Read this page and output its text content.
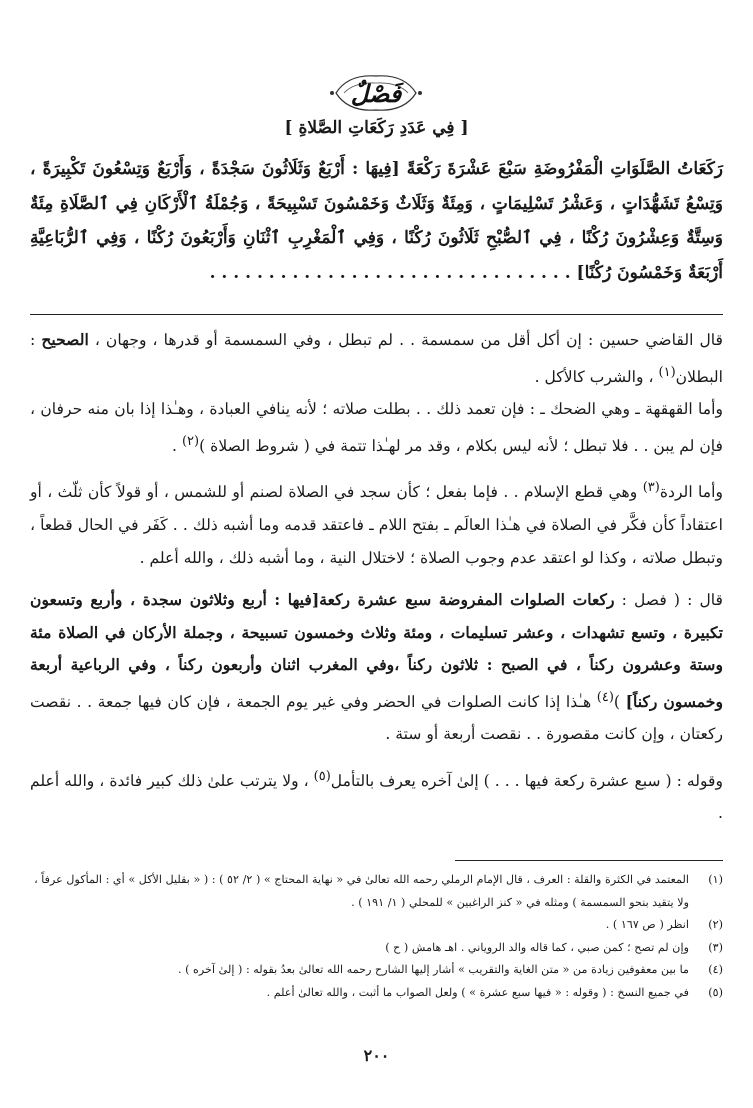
فَصْلٌ
[ فِي عَدَدِ رَكَعَاتِ الصَّلاةِ ]

رَكَعَاتُ الصَّلَوَاتِ الْمَفْرُوضَةِ سَبْعَ عَشْرَةَ رَكْعَةً [فِيهَا : أَرْبَعٌ وَثَلَاثُونَ سَجْدَةً ، وَأَرْبَعٌ وَتِسْعُونَ تَكْبِيرَةً ، وَتِسْعُ تَشَهُّدَاتٍ ، وَعَشْرُ تَسْلِيمَاتٍ ، وَمِئَةٌ وَثَلَاثٌ وَخَمْسُونَ تَسْبِيحَةً ، وَجُمْلَةُ ٱلْأَرْكَانِ فِي ٱلصَّلَاةِ مِئَةٌ وَسِتَّةٌ وَعِشْرُونَ رُكْنًا ، فِي ٱلصُّبْحِ ثَلَاثُونَ رُكْنًا ، وَفِي ٱلْمَغْرِبِ ٱثْنَانِ وَأَرْبَعُونَ رُكْنًا ، وَفِي ٱلرُّبَاعِيَّةِ أَرْبَعَةٌ وَخَمْسُونَ رُكْنًا] . . . . . . . . . . . . . . . . . . . . . . . . . . . . . . .

قال القاضي حسين : إن أكل أقل من سمسمة . . لم تبطل ، وفي السمسمة أو قدرها ، وجهان ، الصحيح : البطلان$^{(١)}$ ، والشرب كالأكل .

وأما القهقهة ـ وهي الضحك ـ : فإن تعمد ذلك . . بطلت صلاته ؛ لأنه ينافي العبادة ، وهـٰذا إذا بان منه حرفان ، فإن لم يبن . . فلا تبطل ؛ لأنه ليس بكلام ، وقد مر لهـٰذا تتمة في ( شروط الصلاة )$^{(٢)}$ .

وأما الردة$^{(٣)}$ وهي قطع الإسلام . . فإما بفعل ؛ كأن سجد في الصلاة لصنم أو للشمس ، أو قولاً كأن ثلّث ، أو اعتقاداً كأن فكَّر في الصلاة في هـٰذا العالَم ـ بفتح اللام ـ فاعتقد قدمه وما أشبه ذلك . . كَفَر في الحال قطعاً ، وتبطل صلاته ، وكذا لو اعتقد عدم وجوب الصلاة ؛ لاختلال النية ، وما أشبه ذلك ، والله أعلم .

قال : ( فصل : ركعات الصلوات المفروضة سبع عشرة ركعة[فيها : أربع وثلاثون سجدة ، وأربع وتسعون تكبيرة ، وتسع تشهدات ، وعشر تسليمات ، ومئة وثلاث وخمسون تسبيحة ، وجملة الأركان في الصلاة مئة وستة وعشرون ركناً ، في الصبح : ثلاثون ركناً ،وفي المغرب اثنان وأربعون ركناً ، وفي الرباعية أربعة وخمسون ركناً] )$^{(٤)}$ هـٰذا إذا كانت الصلوات في الحضر وفي غير يوم الجمعة ، فإن كان فيها جمعة . . نقصت ركعتان ، وإن كانت مقصورة . . نقصت أربعة أو ستة .

وقوله : ( سبع عشرة ركعة فيها . . . ) إلىٰ آخره يعرف بالتأمل$^{(٥)}$ ، ولا يترتب علىٰ ذلك كبير فائدة ، والله أعلم .

(١)
المعتمد في الكثرة والقلة : العرف ، قال الإمام الرملي رحمه الله تعالىٰ في « نهاية المحتاج » ( ٢/ ٥٢ ) : ( « بقليل الأكل » أي : المأكول عرفاً ، ولا يتقيد بنحو السمسمة ) ومثله في « كنز الراغبين » للمحلي ( ١/ ١٩١ ) .
(٢)
انظر ( ص ١٦٧ ) .
(٣)
وإن لم تصح ؛ كمن صبي ، كما قاله والد الروياني . اهـ هامش ( ح )
(٤)
ما بين معقوفين زيادة من « متن الغاية والتقريب » أشار إليها الشارح رحمه الله تعالىٰ بعدُ بقوله : ( إلىٰ آخره ) .
(٥)
في جميع النسخ : ( وقوله : « فيها سبع عشرة » ) ولعل الصواب ما أثبت ، والله تعالىٰ أعلم .
٢٠٠
